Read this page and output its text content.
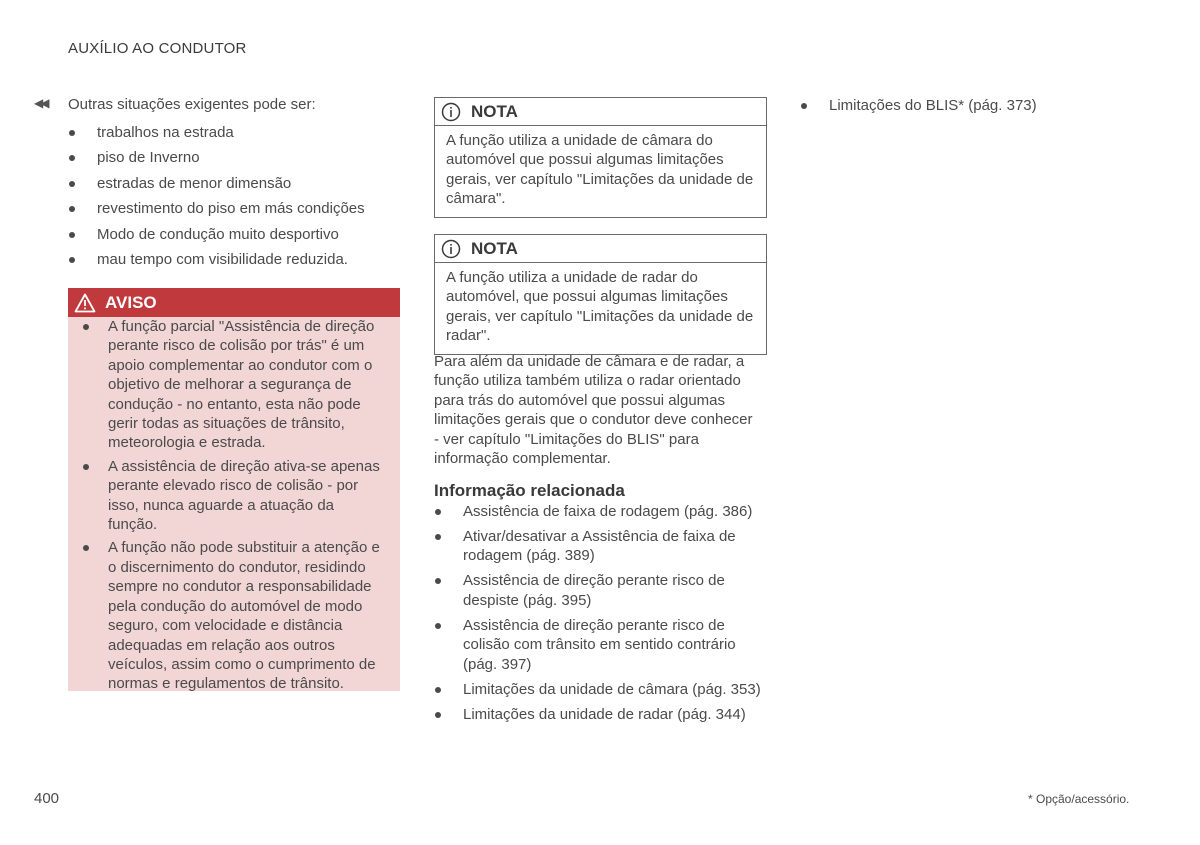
AUXÍLIO AO CONDUTOR
◀◀ Outras situações exigentes pode ser:
trabalhos na estrada
piso de Inverno
estradas de menor dimensão
revestimento do piso em más condições
Modo de condução muito desportivo
mau tempo com visibilidade reduzida.
AVISO
A função parcial "Assistência de direção perante risco de colisão por trás" é um apoio complementar ao condutor com o objetivo de melhorar a segurança de condução - no entanto, esta não pode gerir todas as situações de trânsito, meteorologia e estrada.
A assistência de direção ativa-se apenas perante elevado risco de colisão - por isso, nunca aguarde a atuação da função.
A função não pode substituir a atenção e o discernimento do condutor, residindo sempre no condutor a responsabilidade pela condução do automóvel de modo seguro, com velocidade e distância adequadas em relação aos outros veículos, assim como o cumprimento de normas e regulamentos de trânsito.
NOTA
A função utiliza a unidade de câmara do automóvel que possui algumas limitações gerais, ver capítulo "Limitações da unidade de câmara".
NOTA
A função utiliza a unidade de radar do automóvel, que possui algumas limitações gerais, ver capítulo "Limitações da unidade de radar".
Para além da unidade de câmara e de radar, a função utiliza também utiliza o radar orientado para trás do automóvel que possui algumas limitações gerais que o condutor deve conhecer - ver capítulo "Limitações do BLIS" para informação complementar.
Informação relacionada
Assistência de faixa de rodagem (pág. 386)
Ativar/desativar a Assistência de faixa de rodagem (pág. 389)
Assistência de direção perante risco de despiste (pág. 395)
Assistência de direção perante risco de colisão com trânsito em sentido contrário (pág. 397)
Limitações da unidade de câmara (pág. 353)
Limitações da unidade de radar (pág. 344)
Limitações do BLIS* (pág. 373)
400	* Opção/acessório.
